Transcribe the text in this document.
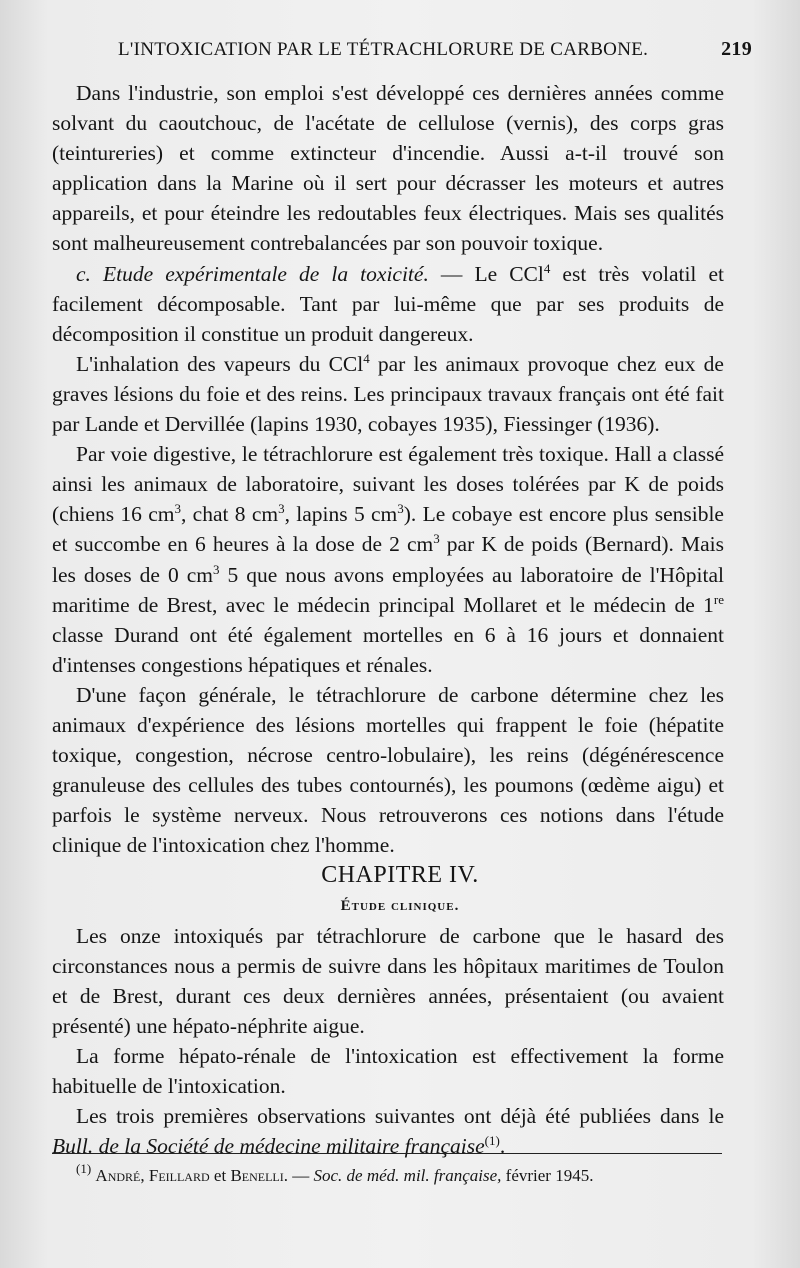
L'INTOXICATION PAR LE TÉTRACHLORURE DE CARBONE.	219

Dans l'industrie, son emploi s'est développé ces dernières années comme solvant du caoutchouc, de l'acétate de cellulose (vernis), des corps gras (teintureries) et comme extincteur d'incendie. Aussi a-t-il trouvé son application dans la Marine où il sert pour décrasser les moteurs et autres appareils, et pour éteindre les redoutables feux électriques. Mais ses qualités sont malheureusement contrebalancées par son pouvoir toxique.

c. Etude expérimentale de la toxicité. — Le CCl$^4$ est très volatil et facilement décomposable. Tant par lui-même que par ses produits de décomposition il constitue un produit dangereux.

L'inhalation des vapeurs du CCl$^4$ par les animaux provoque chez eux de graves lésions du foie et des reins. Les principaux travaux français ont été fait par Lande et Dervillée (lapins 1930, cobayes 1935), Fiessinger (1936).

Par voie digestive, le tétrachlorure est également très toxique. Hall a classé ainsi les animaux de laboratoire, suivant les doses tolérées par K de poids (chiens 16 $cm^3$, chat 8 $cm^3$, lapins 5 $cm^3$). Le cobaye est encore plus sensible et succombe en 6 heures à la dose de 2 $cm^3$ par K de poids (Bernard). Mais les doses de 0 $cm^3$ 5 que nous avons employées au laboratoire de l'Hôpital maritime de Brest, avec le médecin principal Mollaret et le médecin de 1re classe Durand ont été également mortelles en 6 à 16 jours et donnaient d'intenses congestions hépatiques et rénales.

D'une façon générale, le tétrachlorure de carbone détermine chez les animaux d'expérience des lésions mortelles qui frappent le foie (hépatite toxique, congestion, nécrose centro-lobulaire), les reins (dégénérescence granuleuse des cellules des tubes contournés), les poumons (œdème aigu) et parfois le système nerveux. Nous retrouverons ces notions dans l'étude clinique de l'intoxication chez l'homme.

CHAPITRE IV.

Étude clinique.

Les onze intoxiqués par tétrachlorure de carbone que le hasard des circonstances nous a permis de suivre dans les hôpitaux maritimes de Toulon et de Brest, durant ces deux dernières années, présentaient (ou avaient présenté) une hépato-néphrite aigue.

La forme hépato-rénale de l'intoxication est effectivement la forme habituelle de l'intoxication.

Les trois premières observations suivantes ont déjà été publiées dans le Bull. de la Société de médecine militaire française$^{(1)}$.

$^{(1)}$ André, Feillard et Benelli. — Soc. de méd. mil. française, février 1945.
